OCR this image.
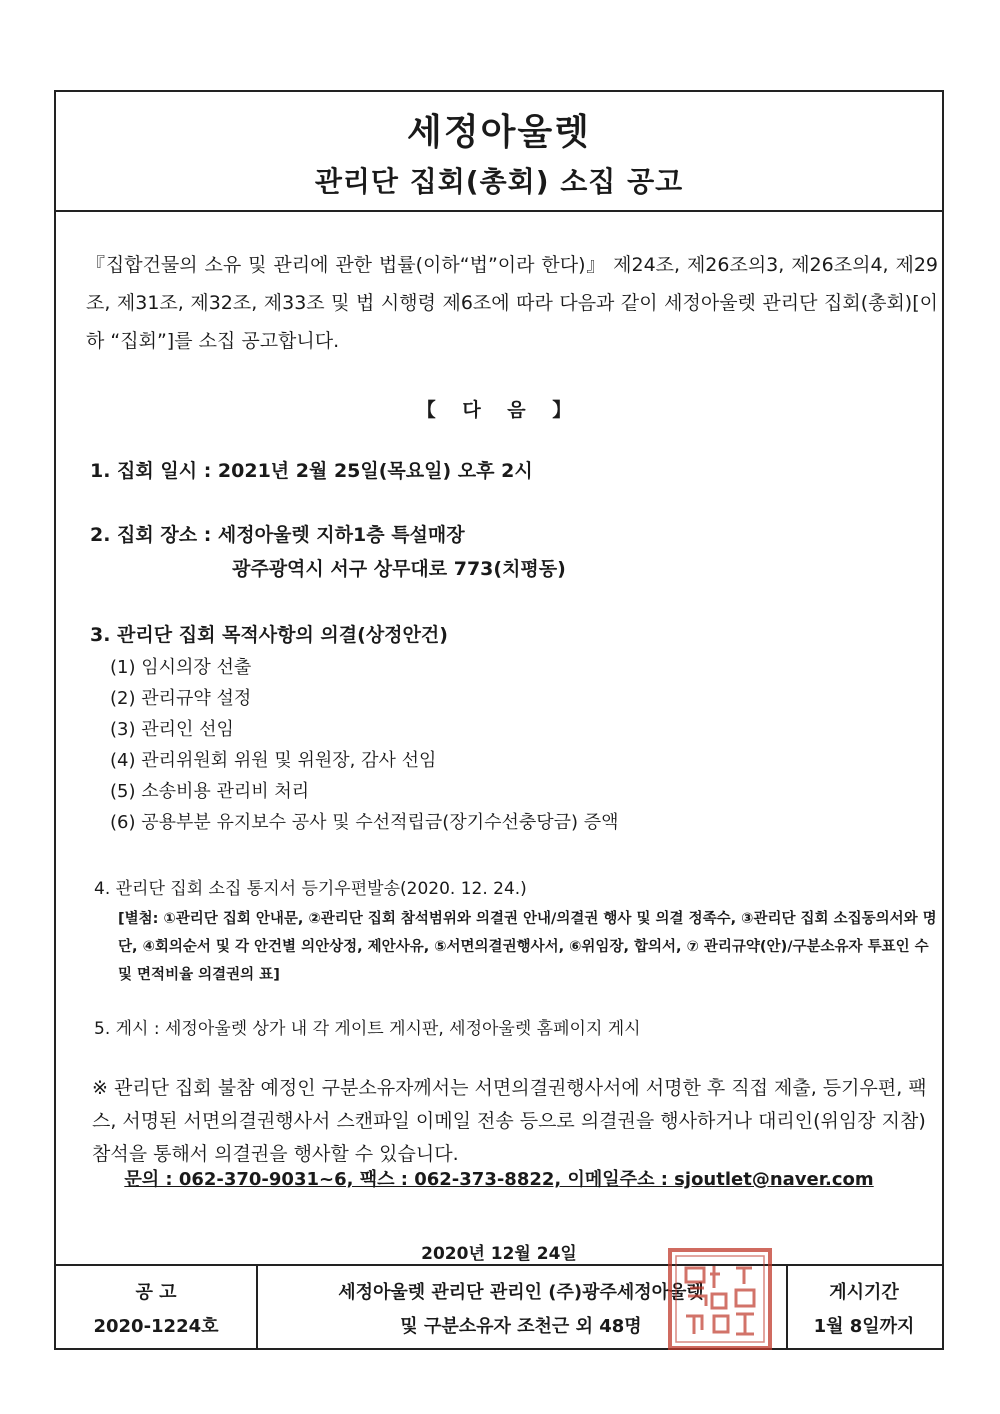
세정아울렛
관리단 집회(총회) 소집 공고

『집합건물의 소유 및 관리에 관한 법률(이하“법”이라 한다)』 제24조, 제26조의3, 제26조의4, 제29조, 제31조, 제32조, 제33조 및 법 시행령 제6조에 따라 다음과 같이 세정아울렛 관리단 집회(총회)[이하 “집회”]를 소집 공고합니다.

【 다 음 】
1. 집회 일시 : 2021년 2월 25일(목요일) 오후 2시
2. 집회 장소 : 세정아울렛 지하1층 특설매장
광주광역시 서구 상무대로 773(치평동)
3. 관리단 집회 목적사항의 의결(상정안건)
(1) 임시의장 선출
(2) 관리규약 설정
(3) 관리인 선임
(4) 관리위원회 위원 및 위원장, 감사 선임
(5) 소송비용 관리비 처리
(6) 공용부분 유지보수 공사 및 수선적립금(장기수선충당금) 증액
4. 관리단 집회 소집 통지서 등기우편발송(2020. 12. 24.)

[별첨: ①관리단 집회 안내문, ②관리단 집회 참석범위와 의결권 안내/의결권 행사 및 의결 정족수, ③관리단 집회 소집동의서와 명단, ④회의순서 및 각 안건별 의안상정, 제안사유, ⑤서면의결권행사서, ⑥위임장, 합의서, ⑦ 관리규약(안)/구분소유자 투표인 수 및 면적비율 의결권의 표]

5. 게시 : 세정아울렛 상가 내 각 게이트 게시판, 세정아울렛 홈페이지 게시

※ 관리단 집회 불참 예정인 구분소유자께서는 서면의결권행사서에 서명한 후 직접 제출, 등기우편, 팩스, 서명된 서면의결권행사서 스캔파일 이메일 전송 등으로 의결권을 행사하거나 대리인(위임장 지참) 참석을 통해서 의결권을 행사할 수 있습니다.

문의 : 062-370-9031~6, 팩스 : 062-373-8822, 이메일주소 : sjoutlet@naver.com
2020년 12월 24일
공 고
2020-1224호
세정아울렛 관리단 관리인 (주)광주세정아울렛
및 구분소유자 조천근 외 48명
게시기간
1월 8일까지
